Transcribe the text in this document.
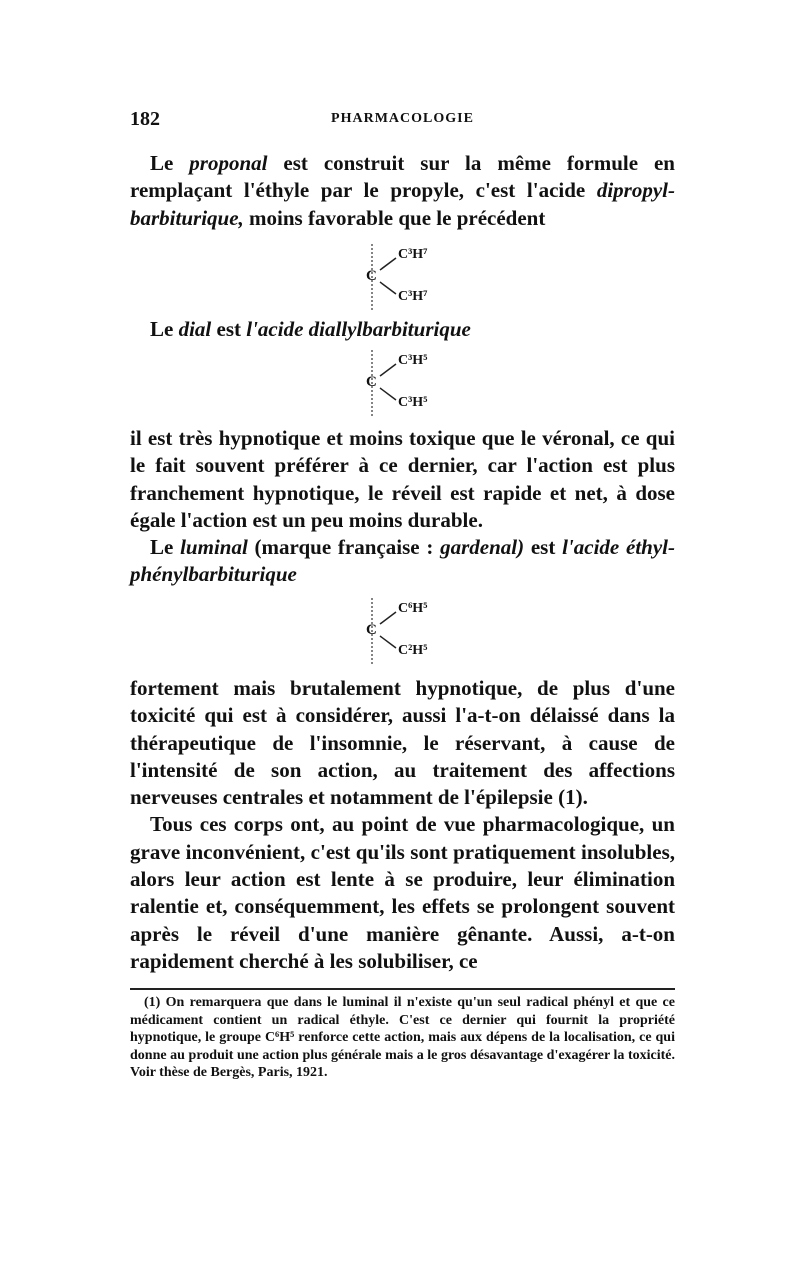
182	PHARMACOLOGIE

Le proponal est construit sur la même formule en remplaçant l'éthyle par le propyle, c'est l'acide dipropyl-barbiturique, moins favorable que le précédent

C
C³H⁷
C³H⁷

Le dial est l'acide diallylbarbiturique

C
C³H⁵
C³H⁵

il est très hypnotique et moins toxique que le véronal, ce qui le fait souvent préférer à ce dernier, car l'action est plus franchement hypnotique, le réveil est rapide et net, à dose égale l'action est un peu moins durable.

Le luminal (marque française : gardenal) est l'acide éthyl-phénylbarbiturique

C
C⁶H⁵
C²H⁵

fortement mais brutalement hypnotique, de plus d'une toxicité qui est à considérer, aussi l'a-t-on délaissé dans la thérapeutique de l'insomnie, le réservant, à cause de l'intensité de son action, au traitement des affections nerveuses centrales et notamment de l'épilepsie (1).

Tous ces corps ont, au point de vue pharmacologique, un grave inconvénient, c'est qu'ils sont pratiquement insolubles, alors leur action est lente à se produire, leur élimination ralentie et, conséquemment, les effets se prolongent souvent après le réveil d'une manière gênante. Aussi, a-t-on rapidement cherché à les solubiliser, ce

(1) On remarquera que dans le luminal il n'existe qu'un seul radical phényl et que ce médicament contient un radical éthyle. C'est ce dernier qui fournit la propriété hypnotique, le groupe C⁶H⁵ renforce cette action, mais aux dépens de la localisation, ce qui donne au produit une action plus générale mais a le gros désavantage d'exagérer la toxicité. Voir thèse de Bergès, Paris, 1921.
